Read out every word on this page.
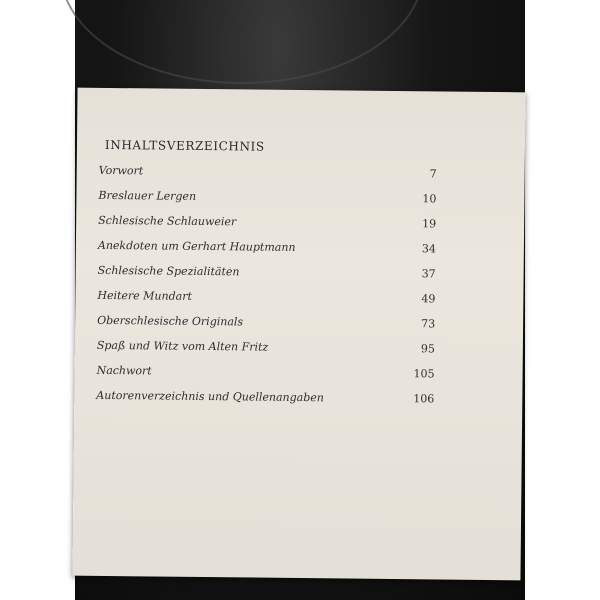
INHALTSVERZEICHNIS
Vorwort	7
Breslauer Lergen	10
Schlesische Schlauweier	19
Anekdoten um Gerhart Hauptmann	34
Schlesische Spezialitäten	37
Heitere Mundart	49
Oberschlesische Originals	73
Spaß und Witz vom Alten Fritz	95
Nachwort	105
Autorenverzeichnis und Quellenangaben	106
